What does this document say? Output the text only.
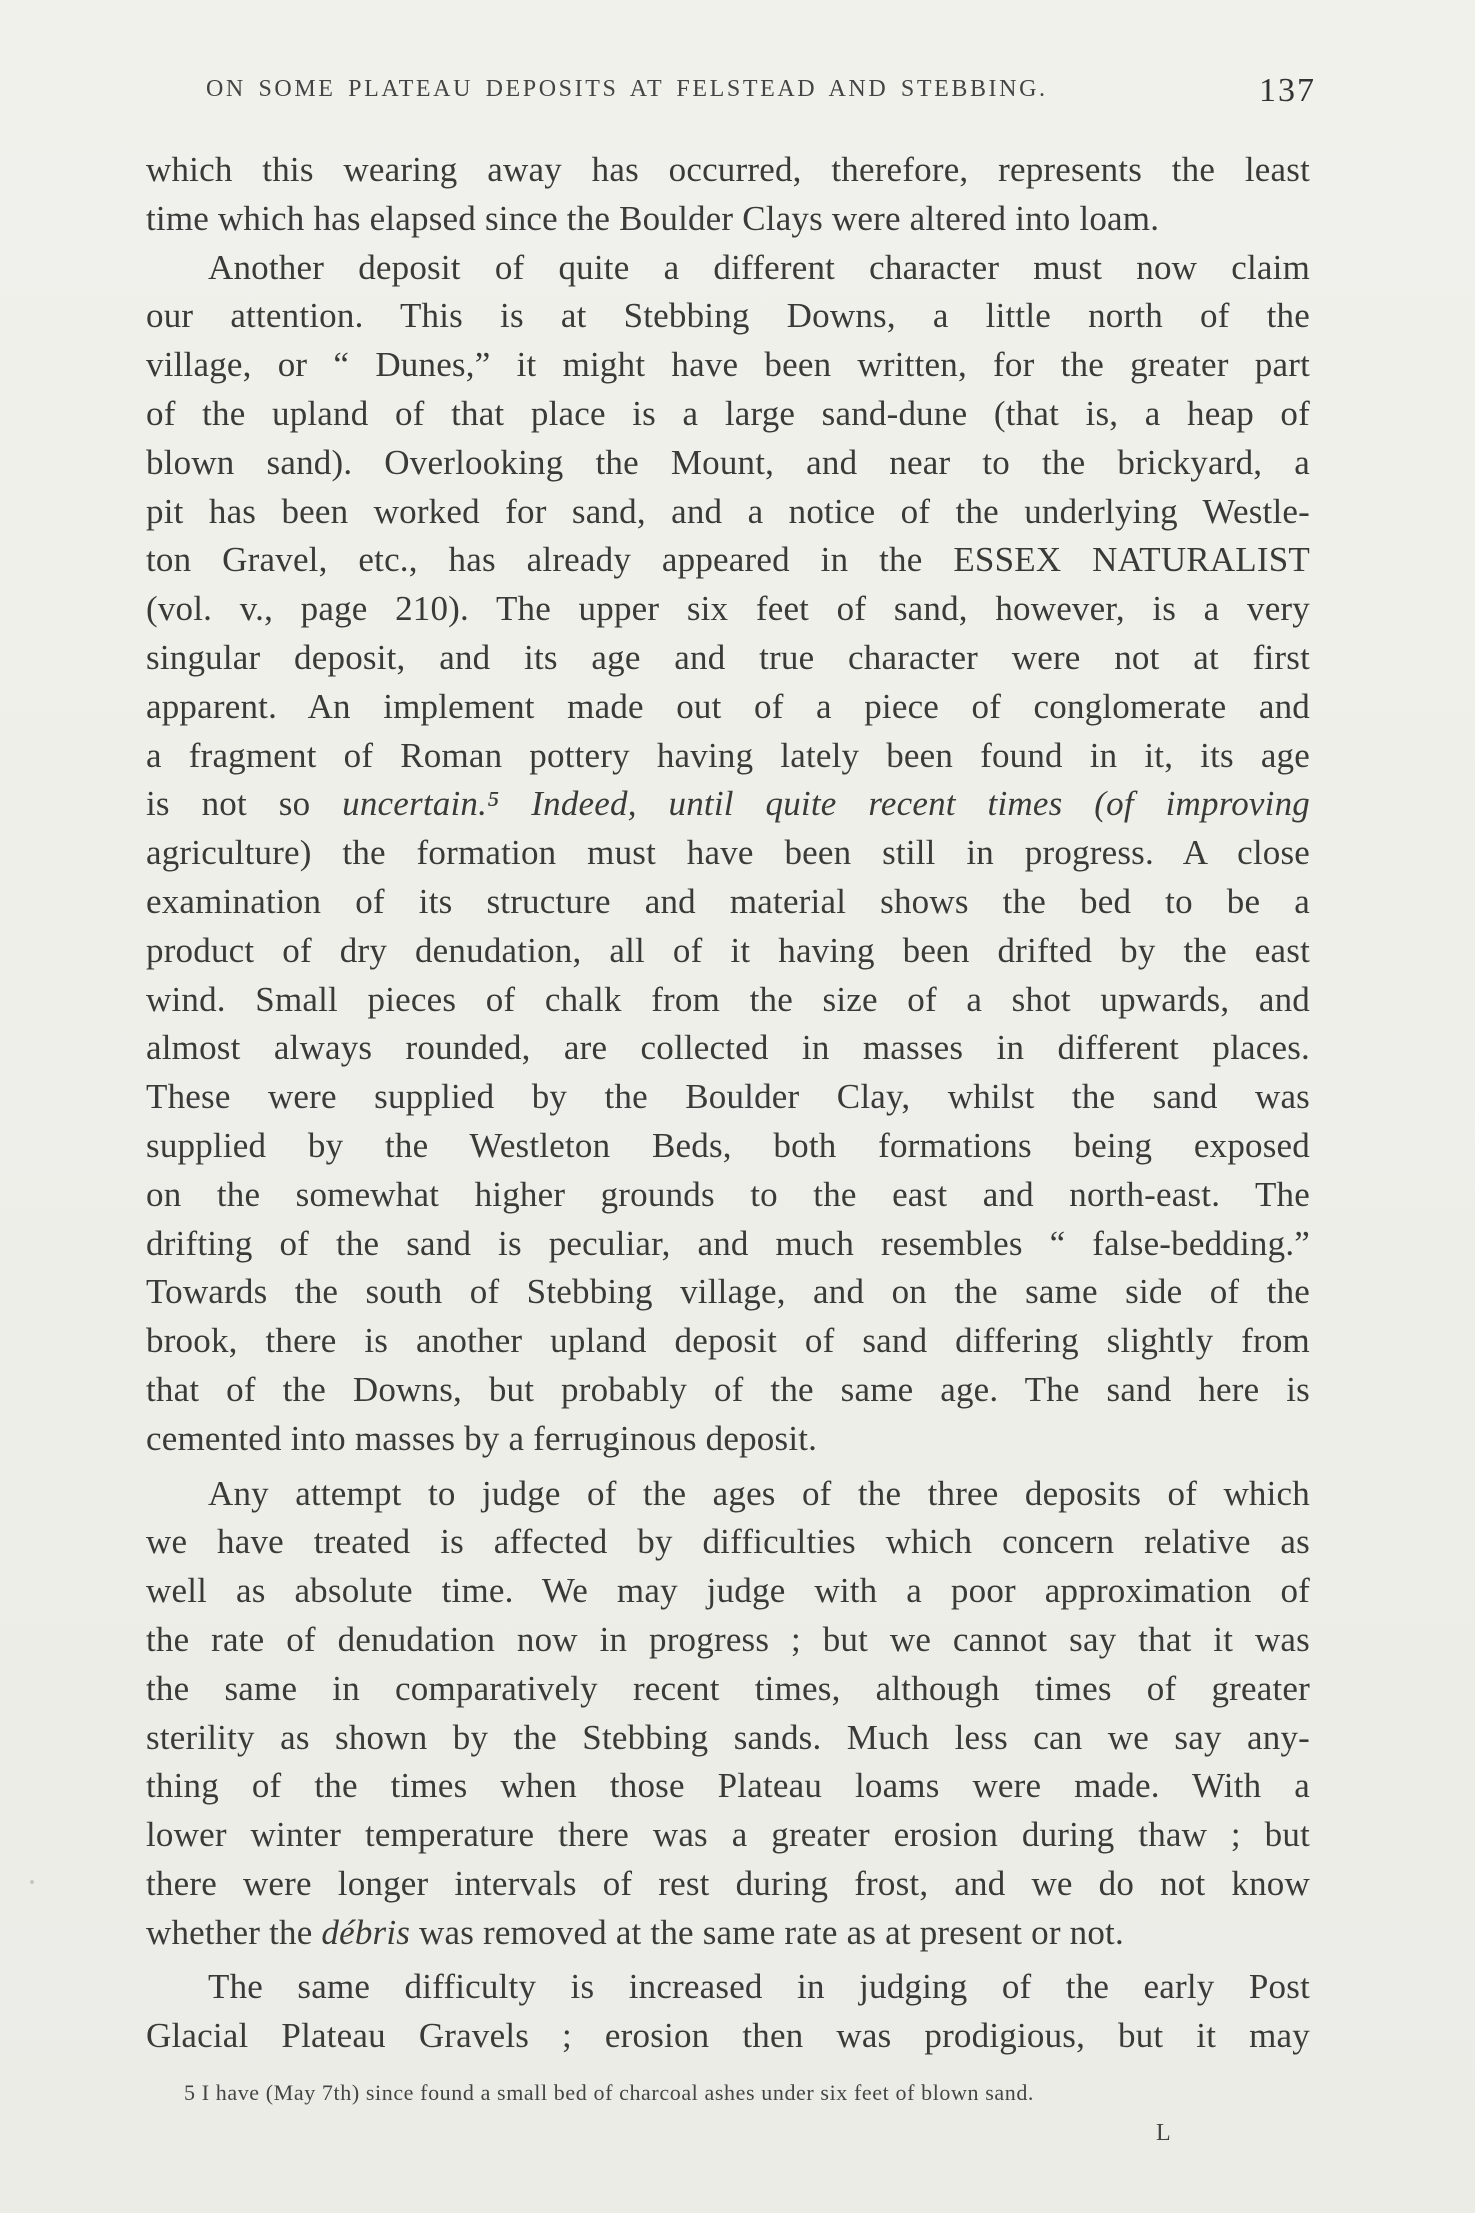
ON SOME PLATEAU DEPOSITS AT FELSTEAD AND STEBBING.	137
which this wearing away has occurred, therefore, represents the least
time which has elapsed since the Boulder Clays were altered into loam.
Another deposit of quite a different character must now claim
our attention. This is at Stebbing Downs, a little north of the
village, or “ Dunes,” it might have been written, for the greater part
of the upland of that place is a large sand-dune (that is, a heap of
blown sand). Overlooking the Mount, and near to the brickyard, a
pit has been worked for sand, and a notice of the underlying Westle-
ton Gravel, etc., has already appeared in the ESSEX NATURALIST
(vol. v., page 210). The upper six feet of sand, however, is a very
singular deposit, and its age and true character were not at first
apparent. An implement made out of a piece of conglomerate and
a fragment of Roman pottery having lately been found in it, its age
is not so uncertain.⁵ Indeed, until quite recent times (of improving
agriculture) the formation must have been still in progress. A close
examination of its structure and material shows the bed to be a
product of dry denudation, all of it having been drifted by the east
wind. Small pieces of chalk from the size of a shot upwards, and
almost always rounded, are collected in masses in different places.
These were supplied by the Boulder Clay, whilst the sand was
supplied by the Westleton Beds, both formations being exposed
on the somewhat higher grounds to the east and north-east. The
drifting of the sand is peculiar, and much resembles “ false-bedding.”
Towards the south of Stebbing village, and on the same side of the
brook, there is another upland deposit of sand differing slightly from
that of the Downs, but probably of the same age. The sand here is
cemented into masses by a ferruginous deposit.
Any attempt to judge of the ages of the three deposits of which
we have treated is affected by difficulties which concern relative as
well as absolute time. We may judge with a poor approximation of
the rate of denudation now in progress ; but we cannot say that it was
the same in comparatively recent times, although times of greater
sterility as shown by the Stebbing sands. Much less can we say any-
thing of the times when those Plateau loams were made. With a
lower winter temperature there was a greater erosion during thaw ; but
there were longer intervals of rest during frost, and we do not know
whether the débris was removed at the same rate as at present or not.
The same difficulty is increased in judging of the early Post
Glacial Plateau Gravels ; erosion then was prodigious, but it may
5 I have (May 7th) since found a small bed of charcoal ashes under six feet of blown sand.
L
